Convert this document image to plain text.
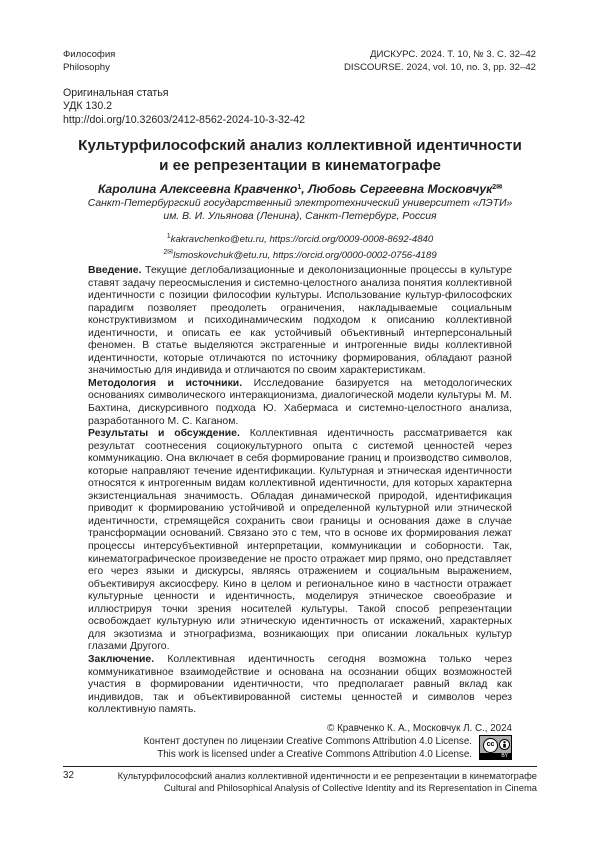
Философия
Philosophy
ДИСКУРС. 2024. Т. 10, № 3. С. 32–42
DISCOURSE. 2024, vol. 10, no. 3, pp. 32–42
Оригинальная статья
УДК 130.2
http://doi.org/10.32603/2412-8562-2024-10-3-32-42
Культурфилософский анализ коллективной идентичности
и ее репрезентации в кинематографе
Каролина Алексеевна Кравченко$^1$, Любовь Сергеевна Московчук$^{2✉}$
Санкт-Петербургский государственный электротехнический университет «ЛЭТИ»
им. В. И. Ульянова (Ленина), Санкт-Петербург, Россия
$^1$kakravchenko@etu.ru, https://orcid.org/0009-0008-8692-4840
$^{2✉}$lsmoskovchuk@etu.ru, https://orcid.org/0000-0002-0756-4189

Введение. Текущие деглобализационные и деколонизационные процессы в культуре ставят задачу переосмысления и системно-целостного анализа понятия коллективной идентичности с позиции философии культуры. Использование культур-философских парадигм позволяет преодолеть ограничения, накладываемые социальным конструктивизмом и психодинамическим подходом к описанию коллективной идентичности, и описать ее как устойчивый объективный интерперсональный феномен. В статье выделяются экстрагенные и интрогенные виды коллективной идентичности, которые отличаются по источнику формирования, обладают разной значимостью для индивида и отличаются по своим характеристикам.

Методология и источники. Исследование базируется на методологических основаниях символического интеракционизма, диалогической модели культуры М. М. Бахтина, дискурсивного подхода Ю. Хабермаса и системно-целостного анализа, разработанного М. С. Каганом.

Результаты и обсуждение. Коллективная идентичность рассматривается как результат соотнесения социокультурного опыта с системой ценностей через коммуникацию. Она включает в себя формирование границ и производство символов, которые направляют течение идентификации. Культурная и этническая идентичности относятся к интрогенным видам коллективной идентичности, для которых характерна экзистенциальная значимость. Обладая динамической природой, идентификация приводит к формированию устойчивой и определенной культурной или этнической идентичности, стремящейся сохранить свои границы и основания даже в случае трансформации оснований. Связано это с тем, что в основе их формирования лежат процессы интерсубъективной интерпретации, коммуникации и соборности. Так, кинематографическое произведение не просто отражает мир прямо, оно представляет его через языки и дискурсы, являясь отражением и социальным выражением, объективируя аксиосферу. Кино в целом и региональное кино в частности отражает культурные ценности и идентичность, моделируя этническое своеобразие и иллюстрируя точки зрения носителей культуры. Такой способ репрезентации освобождает культурную или этническую идентичность от искажений, характерных для экзотизма и этнографизма, возникающих при описании локальных культур глазами Другого.

Заключение. Коллективная идентичность сегодня возможна только через коммуникативное взаимодействие и основана на осознании общих возможностей участия в формировании идентичности, что предполагает равный вклад как индивидов, так и объективированной системы ценностей и символов через коллективную память.

© Кравченко К. А., Московчук Л. С., 2024
Контент доступен по лицензии Creative Commons Attribution 4.0 License.
This work is licensed under a Creative Commons Attribution 4.0 License.
cc
BY
32	Культурфилософский анализ коллективной идентичности и ее репрезентации в кинематографе
Cultural and Philosophical Analysis of Collective Identity and its Representation in Cinema
